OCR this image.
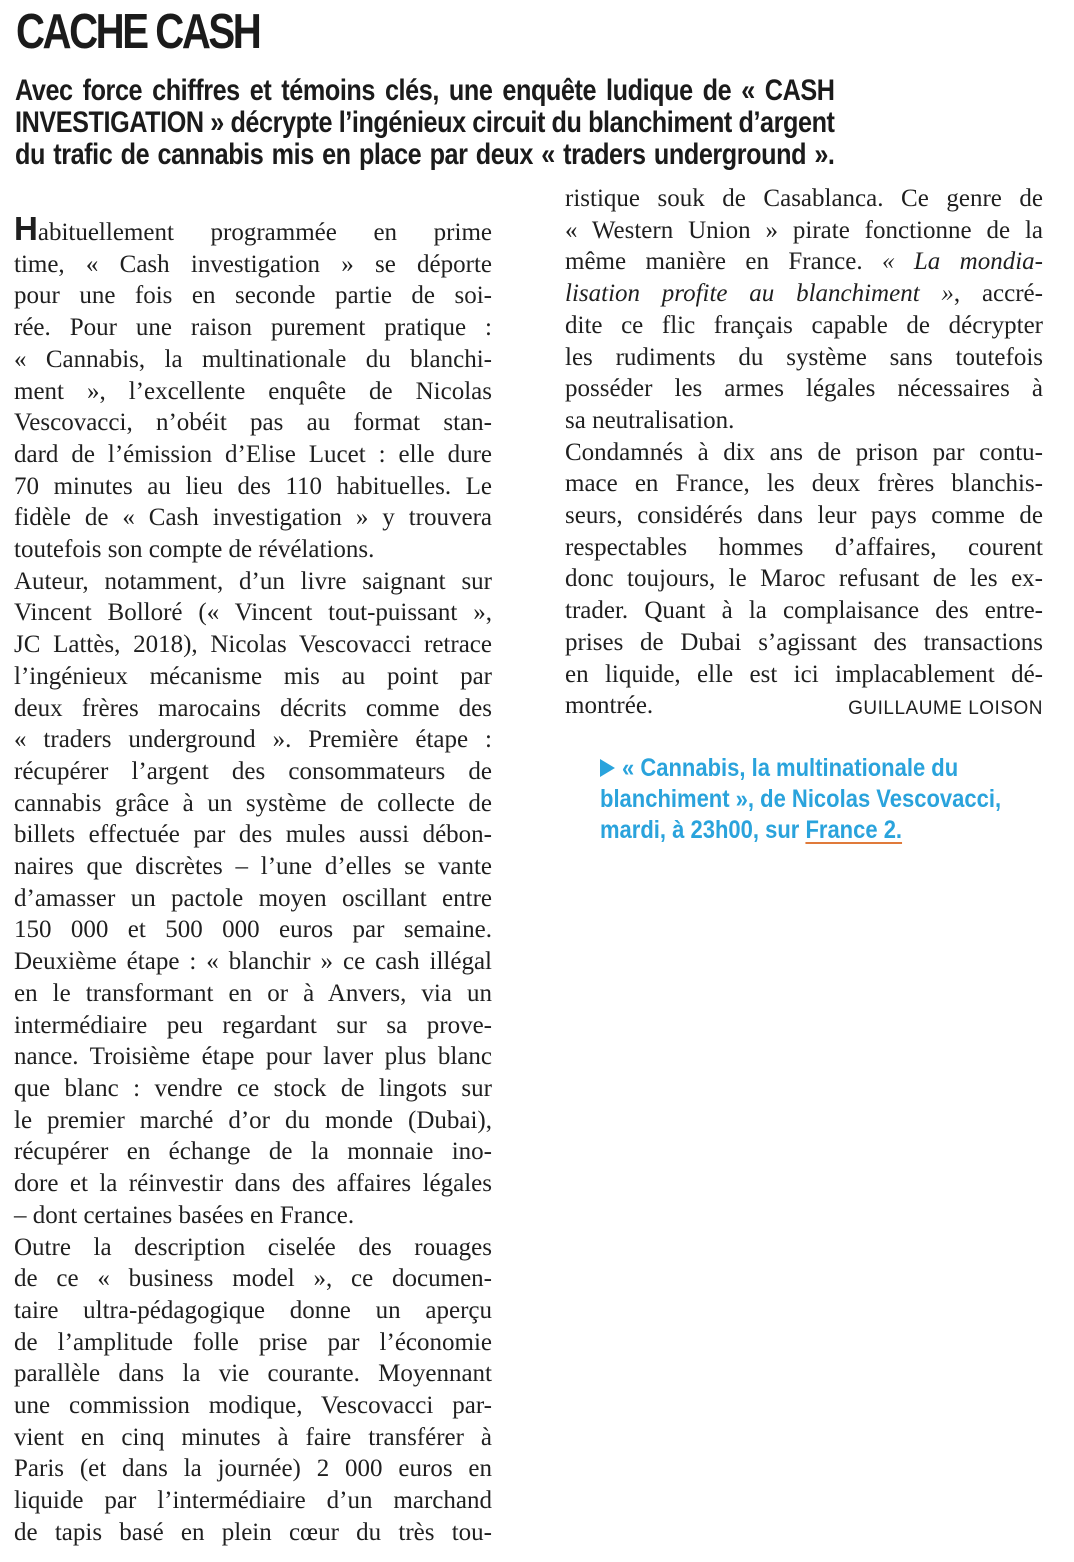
CACHE CASH
Avec force chiffres et témoins clés, une enquête ludique de « CASH
INVESTIGATION » décrypte l’ingénieux circuit du blanchiment d’argent
du trafic de cannabis mis en place par deux « traders underground ».
Habituellement programmée en prime
time, « Cash investigation » se déporte
pour une fois en seconde partie de soi-
rée. Pour une raison purement pratique :
« Cannabis, la multinationale du blanchi-
ment », l’excellente enquête de Nicolas
Vescovacci, n’obéit pas au format stan-
dard de l’émission d’Elise Lucet : elle dure
70 minutes au lieu des 110 habituelles. Le
fidèle de « Cash investigation » y trouvera
toutefois son compte de révélations.
Auteur, notamment, d’un livre saignant sur
Vincent Bolloré (« Vincent tout-puissant »,
JC Lattès, 2018), Nicolas Vescovacci retrace
l’ingénieux mécanisme mis au point par
deux frères marocains décrits comme des
« traders underground ». Première étape :
récupérer l’argent des consommateurs de
cannabis grâce à un système de collecte de
billets effectuée par des mules aussi débon-
naires que discrètes – l’une d’elles se vante
d’amasser un pactole moyen oscillant entre
150 000 et 500 000 euros par semaine.
Deuxième étape : « blanchir » ce cash illégal
en le transformant en or à Anvers, via un
intermédiaire peu regardant sur sa prove-
nance. Troisième étape pour laver plus blanc
que blanc : vendre ce stock de lingots sur
le premier marché d’or du monde (Dubai),
récupérer en échange de la monnaie ino-
dore et la réinvestir dans des affaires légales
– dont certaines basées en France.
Outre la description ciselée des rouages
de ce « business model », ce documen-
taire ultra-pédagogique donne un aperçu
de l’amplitude folle prise par l’économie
parallèle dans la vie courante. Moyennant
une commission modique, Vescovacci par-
vient en cinq minutes à faire transférer à
Paris (et dans la journée) 2 000 euros en
liquide par l’intermédiaire d’un marchand
de tapis basé en plein cœur du très tou-
ristique souk de Casablanca. Ce genre de
« Western Union » pirate fonctionne de la
même manière en France. « La mondia-
lisation profite au blanchiment », accré-
dite ce flic français capable de décrypter
les rudiments du système sans toutefois
posséder les armes légales nécessaires à
sa neutralisation.
Condamnés à dix ans de prison par contu-
mace en France, les deux frères blanchis-
seurs, considérés dans leur pays comme de
respectables hommes d’affaires, courent
donc toujours, le Maroc refusant de les ex-
trader. Quant à la complaisance des entre-
prises de Dubai s’agissant des transactions
en liquide, elle est ici implacablement dé-
montrée.	GUILLAUME LOISON
« Cannabis, la multinationale du
blanchiment », de Nicolas Vescovacci,
mardi, à 23h00, sur France 2.
